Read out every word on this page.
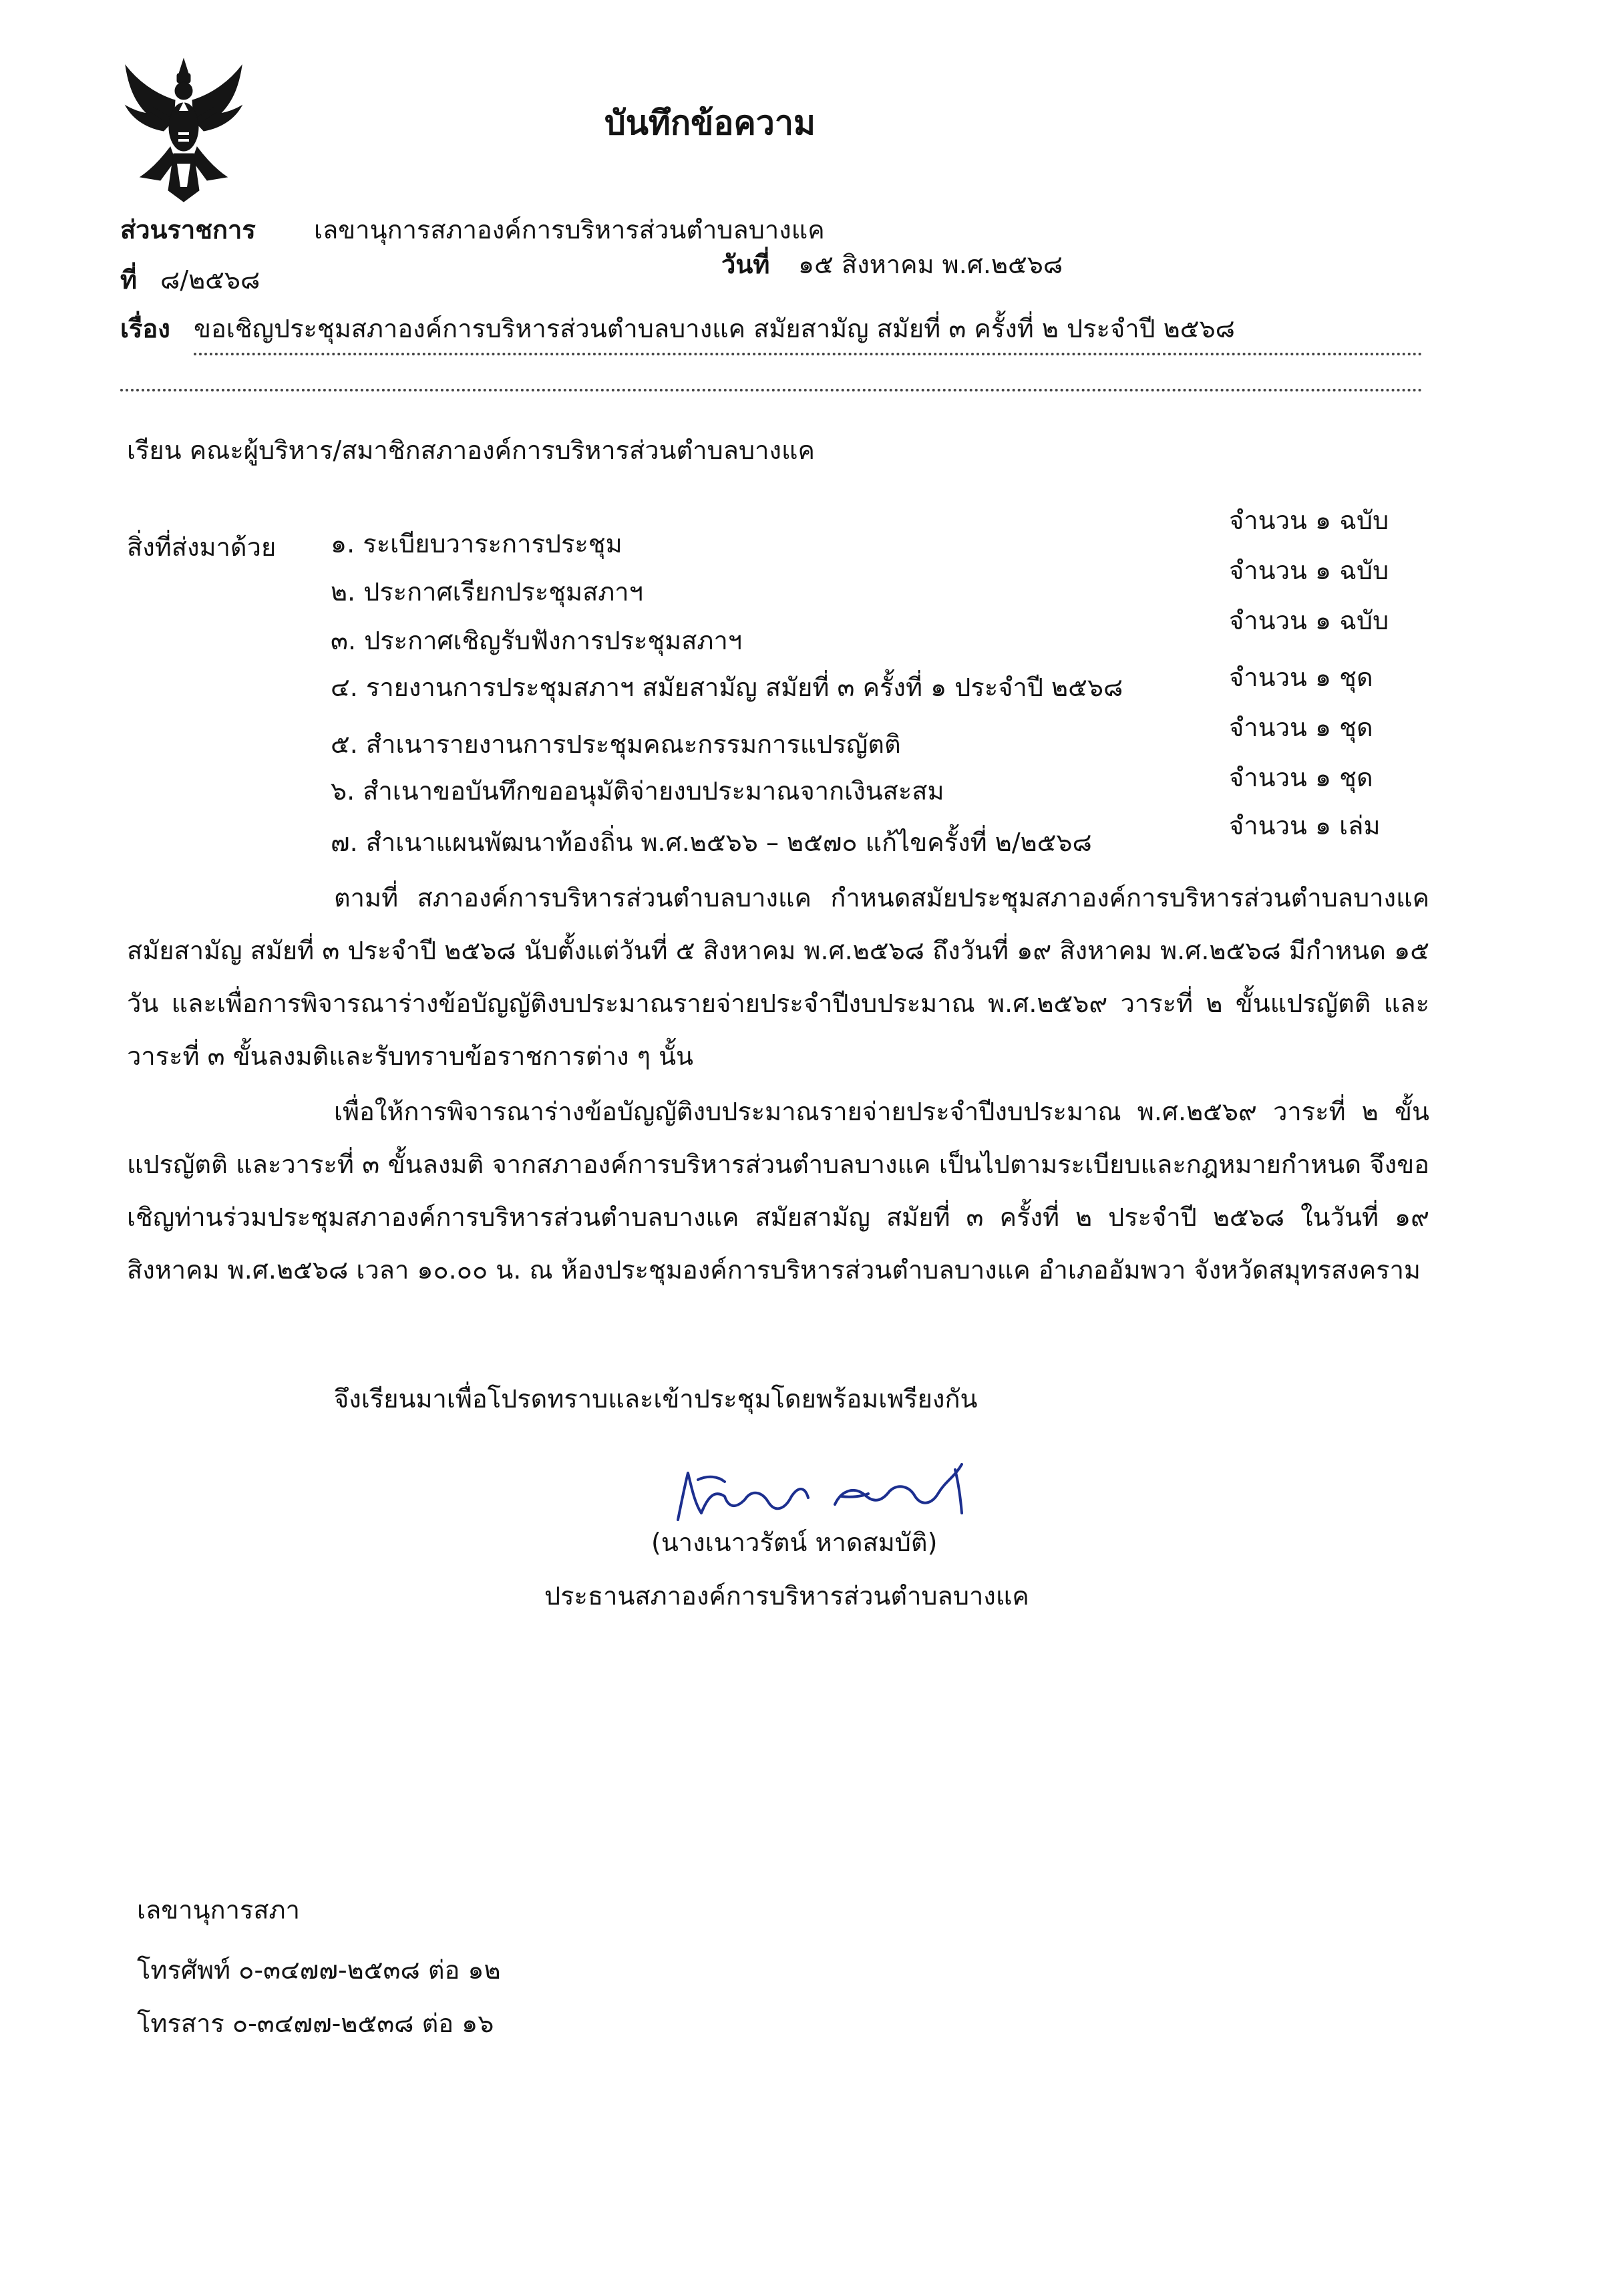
บันทึกข้อความ
ส่วนราชการ เลขานุการสภาองค์การบริหารส่วนตำบลบางแค
ที่ ๘/๒๕๖๘
วันที่ ๑๕ สิงหาคม พ.ศ.๒๕๖๘
เรื่อง ขอเชิญประชุมสภาองค์การบริหารส่วนตำบลบางแค สมัยสามัญ สมัยที่ ๓ ครั้งที่ ๒ ประจำปี ๒๕๖๘
เรียน คณะผู้บริหาร/สมาชิกสภาองค์การบริหารส่วนตำบลบางแค
สิ่งที่ส่งมาด้วย ๑. ระเบียบวาระการประชุม
จำนวน ๑ ฉบับ
๒. ประกาศเรียกประชุมสภาฯ
จำนวน ๑ ฉบับ
๓. ประกาศเชิญรับฟังการประชุมสภาฯ
จำนวน ๑ ฉบับ
๔. รายงานการประชุมสภาฯ สมัยสามัญ สมัยที่ ๓ ครั้งที่ ๑ ประจำปี ๒๕๖๘	จำนวน ๑ ชุด
๕. สำเนารายงานการประชุมคณะกรรมการแปรญัตติ
จำนวน ๑ ชุด
๖. สำเนาขอบันทึกขออนุมัติจ่ายงบประมาณจากเงินสะสม	จำนวน ๑ ชุด
๗. สำเนาแผนพัฒนาท้องถิ่น พ.ศ.๒๕๖๖ – ๒๕๗๐ แก้ไขครั้งที่ ๒/๒๕๖๘
จำนวน ๑ เล่ม
ตามที่ สภาองค์การบริหารส่วนตำบลบางแค กำหนดสมัยประชุมสภาองค์การบริหารส่วนตำบลบางแคสมัยสามัญ สมัยที่ ๓ ประจำปี ๒๕๖๘ นับตั้งแต่วันที่ ๕ สิงหาคม พ.ศ.๒๕๖๘ ถึงวันที่ ๑๙ สิงหาคม พ.ศ.๒๕๖๘ มีกำหนด ๑๕ วัน และเพื่อการพิจารณาร่างข้อบัญญัติงบประมาณรายจ่ายประจำปีงบประมาณ พ.ศ.๒๕๖๙ วาระที่ ๒ ขั้นแปรญัตติ และวาระที่ ๓ ขั้นลงมติและรับทราบข้อราชการต่าง ๆ นั้น
เพื่อให้การพิจารณาร่างข้อบัญญัติงบประมาณรายจ่ายประจำปีงบประมาณ พ.ศ.๒๕๖๙ วาระที่ ๒ ขั้นแปรญัตติ และวาระที่ ๓ ขั้นลงมติ จากสภาองค์การบริหารส่วนตำบลบางแค เป็นไปตามระเบียบและกฎหมายกำหนด จึงขอเชิญท่านร่วมประชุมสภาองค์การบริหารส่วนตำบลบางแค สมัยสามัญ สมัยที่ ๓ ครั้งที่ ๒ ประจำปี ๒๕๖๘ ในวันที่ ๑๙ สิงหาคม พ.ศ.๒๕๖๘ เวลา ๑๐.๐๐ น. ณ ห้องประชุมองค์การบริหารส่วนตำบลบางแค อำเภออัมพวา จังหวัดสมุทรสงคราม
จึงเรียนมาเพื่อโปรดทราบและเข้าประชุมโดยพร้อมเพรียงกัน
(นางเนาวรัตน์ หาดสมบัติ)
ประธานสภาองค์การบริหารส่วนตำบลบางแค
เลขานุการสภา
โทรศัพท์ ๐-๓๔๗๗-๒๕๓๘ ต่อ ๑๒
โทรสาร ๐-๓๔๗๗-๒๕๓๘ ต่อ ๑๖
